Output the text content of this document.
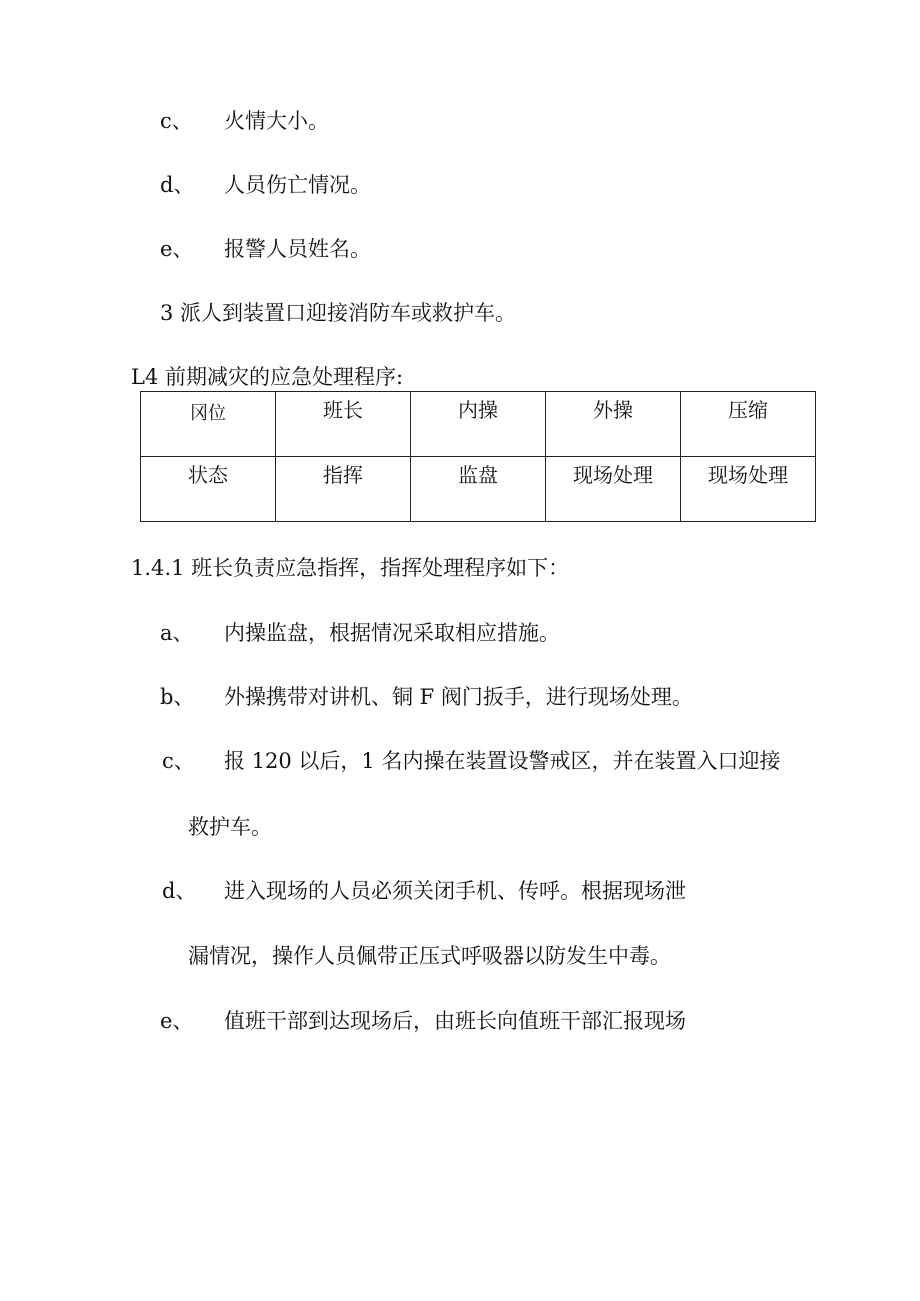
c、 火情大小。
d、 人员伤亡情况。
e、 报警人员姓名。
3 派人到装置口迎接消防车或救护车。
L4 前期减灾的应急处理程序:
冈位	班长	内操	外操	压缩

状态	指挥	监盘	现场处理	现场处理
1.4.1 班长负责应急指挥，指挥处理程序如下：
a、 内操监盘，根据情况采取相应措施。
b、 外操携带对讲机、铜 F 阀门扳手，进行现场处理。
c、 报 120 以后，1 名内操在装置设警戒区，并在装置入口迎接
救护车。
d、 进入现场的人员必须关闭手机、传呼。根据现场泄
漏情况，操作人员佩带正压式呼吸器以防发生中毒。
e、 值班干部到达现场后，由班长向值班干部汇报现场
